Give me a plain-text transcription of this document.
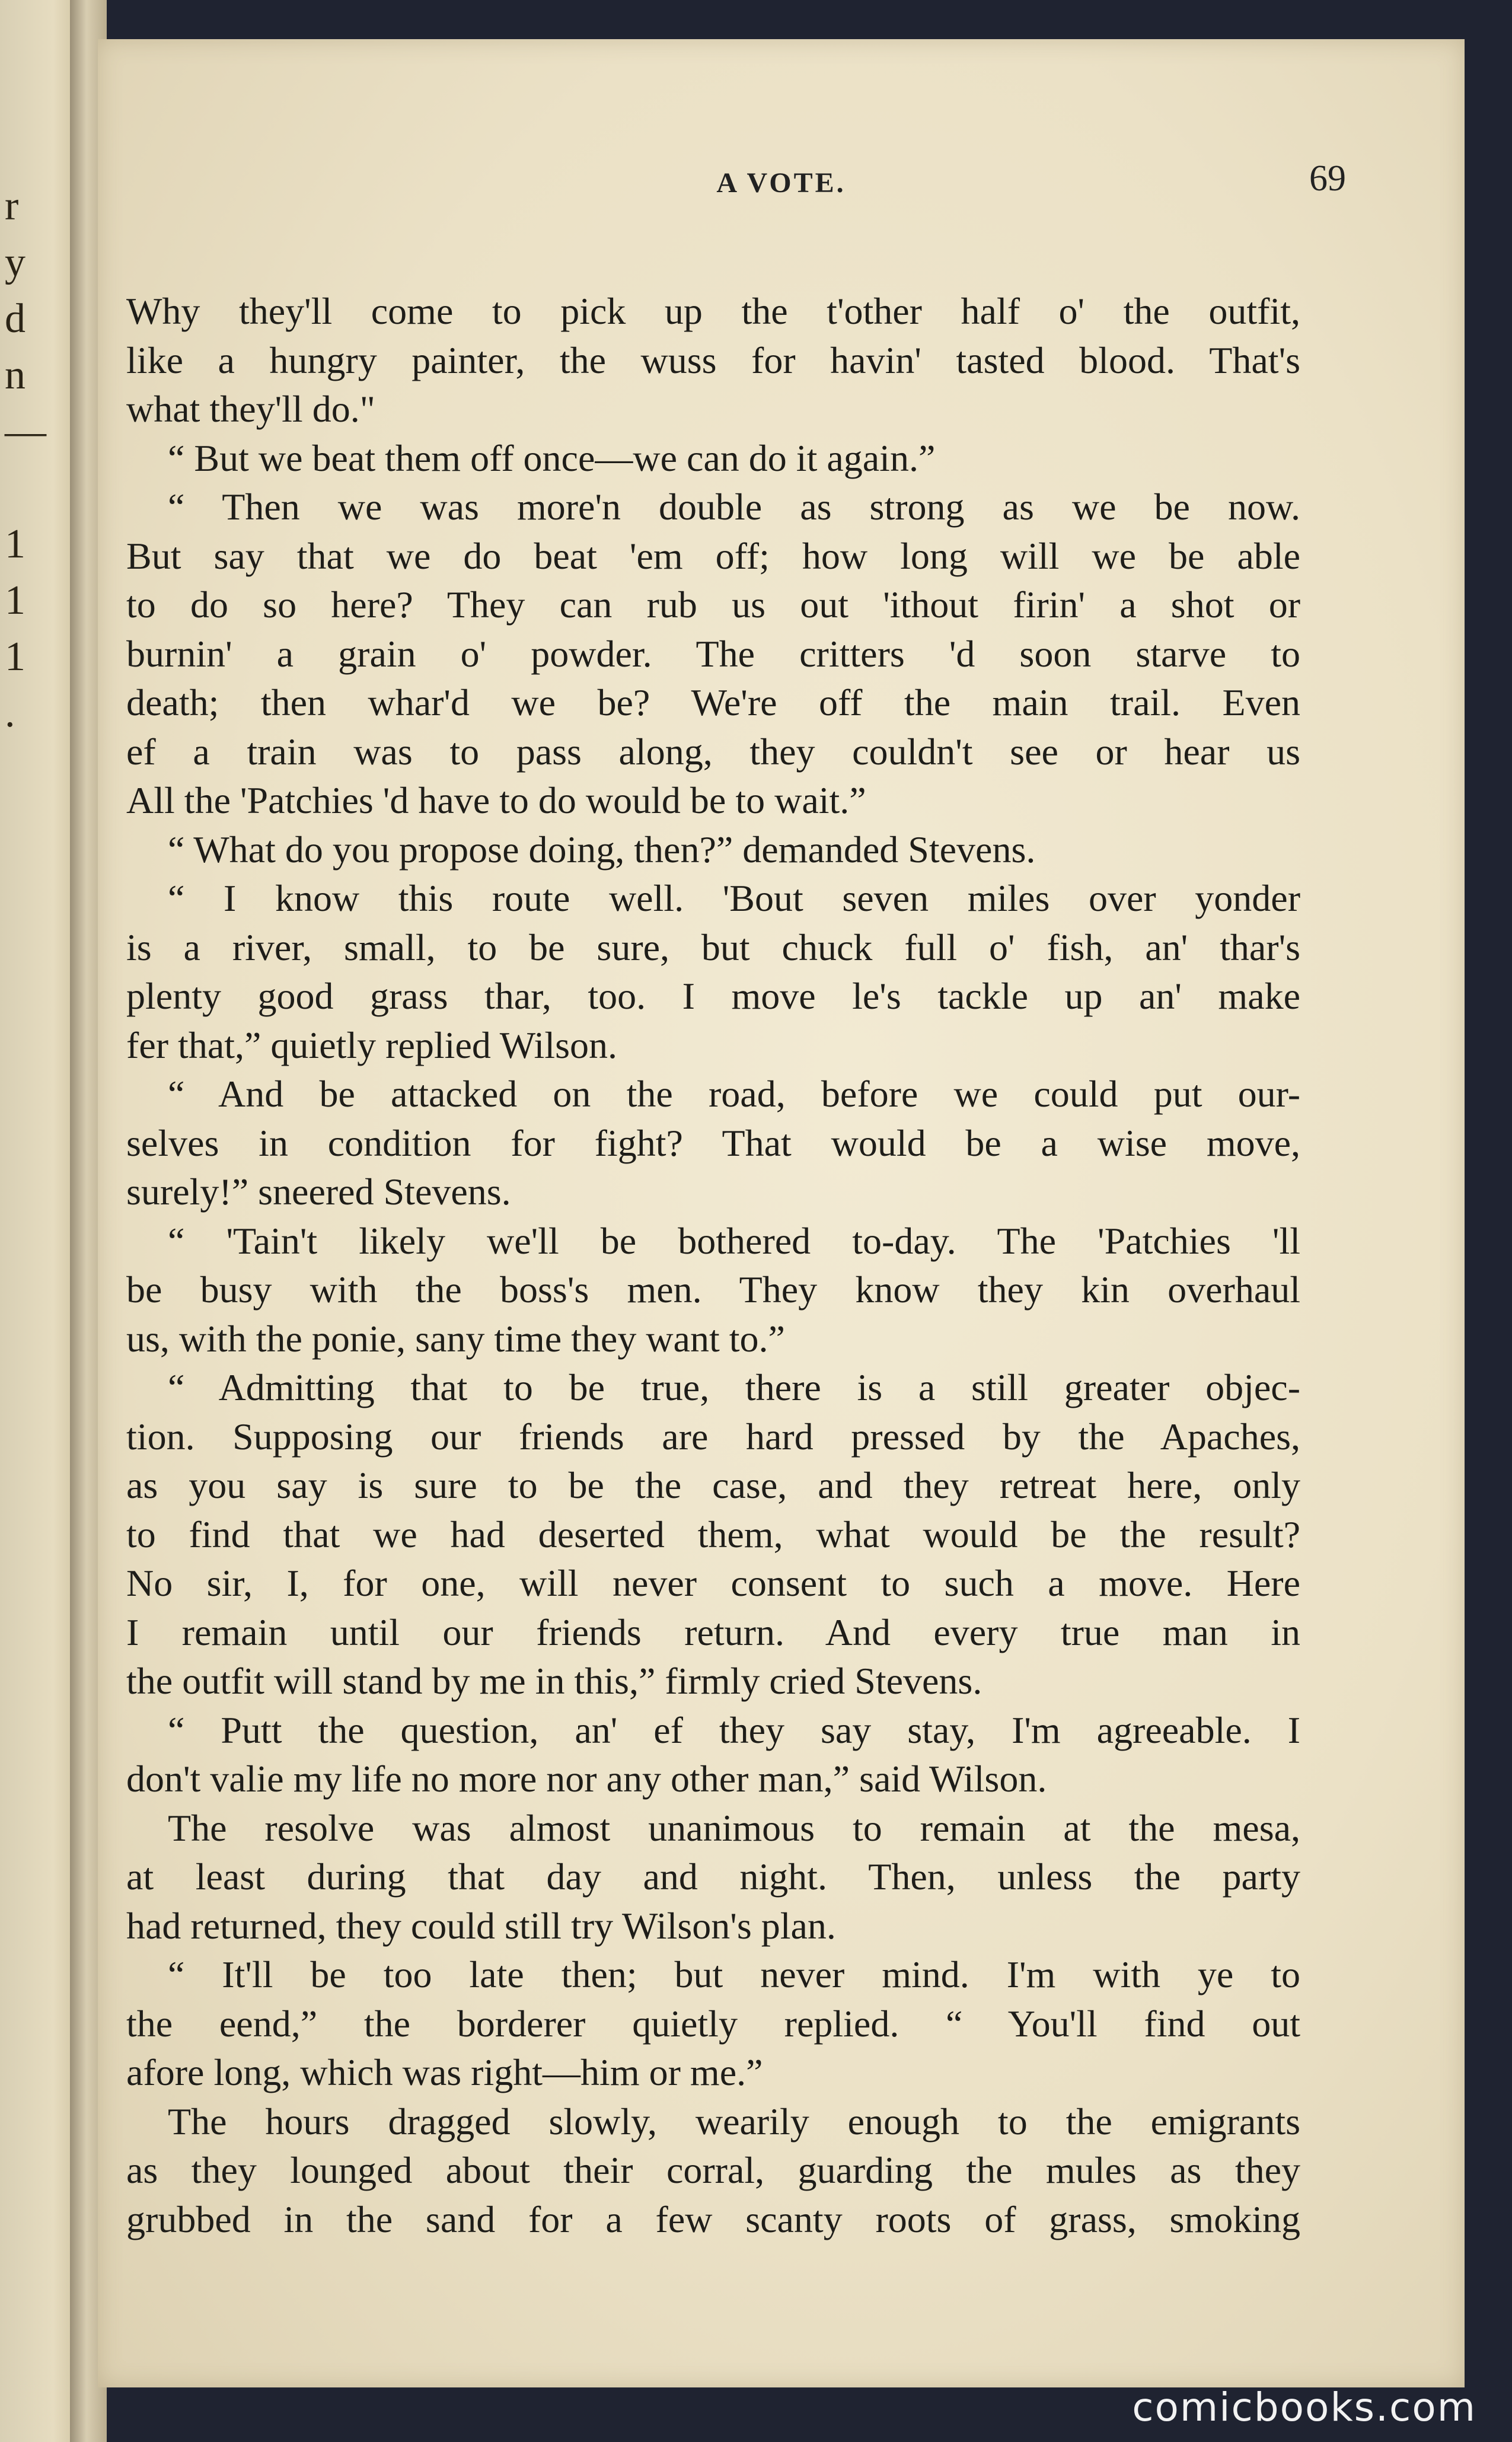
r
y
d
n
—

1
1
1
.
A VOTE.	69
Why they'll come to pick up the t'other half o' the outfit,
like a hungry painter, the wuss for havin' tasted blood. That's
what they'll do."
“ But we beat them off once—we can do it again.”
“ Then we was more'n double as strong as we be now.
But say that we do beat 'em off; how long will we be able
to do so here? They can rub us out 'ithout firin' a shot or
burnin' a grain o' powder. The critters 'd soon starve to
death; then whar'd we be? We're off the main trail. Even
ef a train was to pass along, they couldn't see or hear us
All the 'Patchies 'd have to do would be to wait.”
“ What do you propose doing, then?” demanded Stevens.
“ I know this route well. 'Bout seven miles over yonder
is a river, small, to be sure, but chuck full o' fish, an' thar's
plenty good grass thar, too. I move le's tackle up an' make
fer that,” quietly replied Wilson.
“ And be attacked on the road, before we could put our-
selves in condition for fight? That would be a wise move,
surely!” sneered Stevens.
“ 'Tain't likely we'll be bothered to-day. The 'Patchies 'll
be busy with the boss's men. They know they kin overhaul
us, with the ponie, sany time they want to.”
“ Admitting that to be true, there is a still greater objec-
tion. Supposing our friends are hard pressed by the Apaches,
as you say is sure to be the case, and they retreat here, only
to find that we had deserted them, what would be the result?
No sir, I, for one, will never consent to such a move. Here
I remain until our friends return. And every true man in
the outfit will stand by me in this,” firmly cried Stevens.
“ Putt the question, an' ef they say stay, I'm agreeable. I
don't valie my life no more nor any other man,” said Wilson.
The resolve was almost unanimous to remain at the mesa,
at least during that day and night. Then, unless the party
had returned, they could still try Wilson's plan.
“ It'll be too late then; but never mind. I'm with ye to
the eend,” the borderer quietly replied. “ You'll find out
afore long, which was right—him or me.”
The hours dragged slowly, wearily enough to the emigrants
as they lounged about their corral, guarding the mules as they
grubbed in the sand for a few scanty roots of grass, smoking
comicbooks.com
